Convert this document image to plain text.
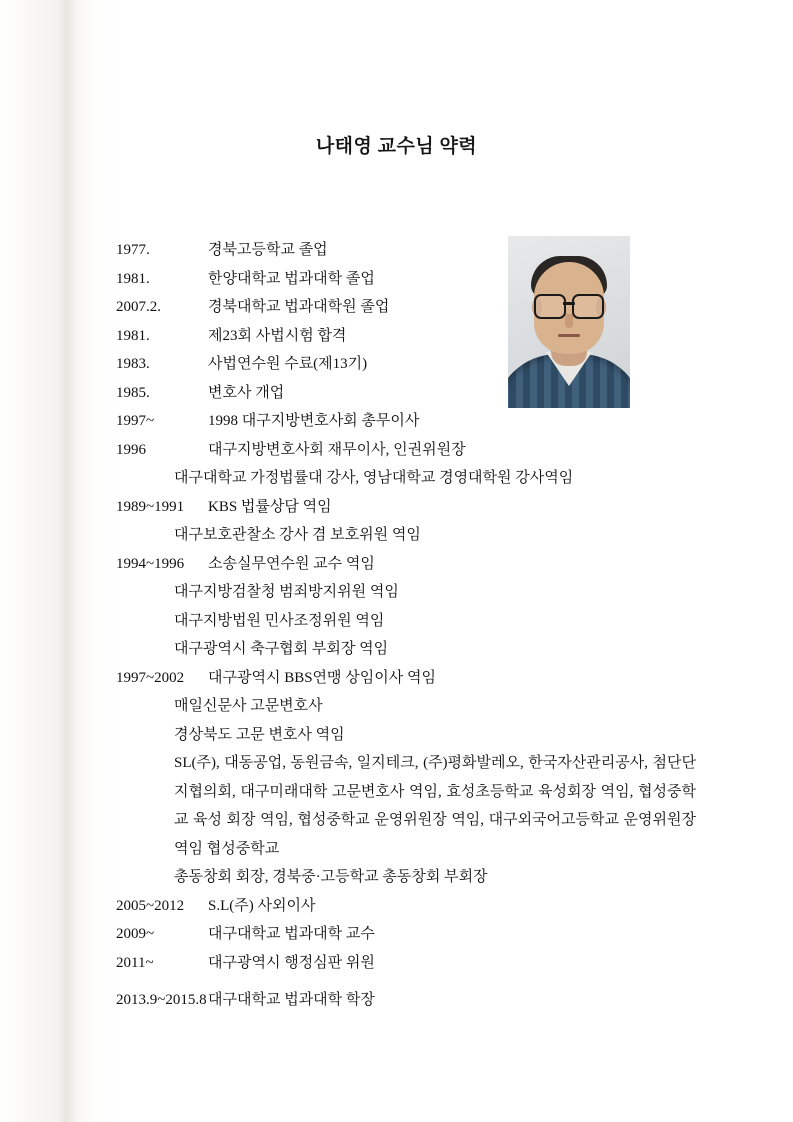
나태영 교수님 약력
1977.	경북고등학교 졸업
1981.	한양대학교 법과대학 졸업
2007.2.	경북대학교 법과대학원 졸업
1981.	제23회 사법시험 합격
1983.	사법연수원 수료(제13기)
1985.	변호사 개업
1997~	1998 대구지방변호사회 총무이사
1996	대구지방변호사회 재무이사, 인권위원장
대구대학교 가정법률대 강사, 영남대학교 경영대학원 강사역임
1989~1991	KBS 법률상담 역임
대구보호관찰소 강사 겸 보호위원 역임
1994~1996	소송실무연수원 교수 역임
대구지방검찰청 범죄방지위원 역임
대구지방법원 민사조정위원 역임
대구광역시 축구협회 부회장 역임
1997~2002	대구광역시 BBS연맹 상임이사 역임
매일신문사 고문변호사
경상북도 고문 변호사 역임
SL(주), 대동공업, 동원금속, 일지테크, (주)평화발레오, 한국자산관리공사, 첨단단지협의회, 대구미래대학 고문변호사 역임, 효성초등학교 육성회장 역임, 협성중학교 육성 회장 역임, 협성중학교 운영위원장 역임, 대구외국어고등학교 운영위원장 역임 협성중학교
총동창회 회장, 경북중·고등학교 총동창회 부회장
2005~2012	S.L(주) 사외이사
2009~	대구대학교 법과대학 교수
2011~	대구광역시 행정심판 위원
2013.9~2015.8 대구대학교 법과대학 학장
